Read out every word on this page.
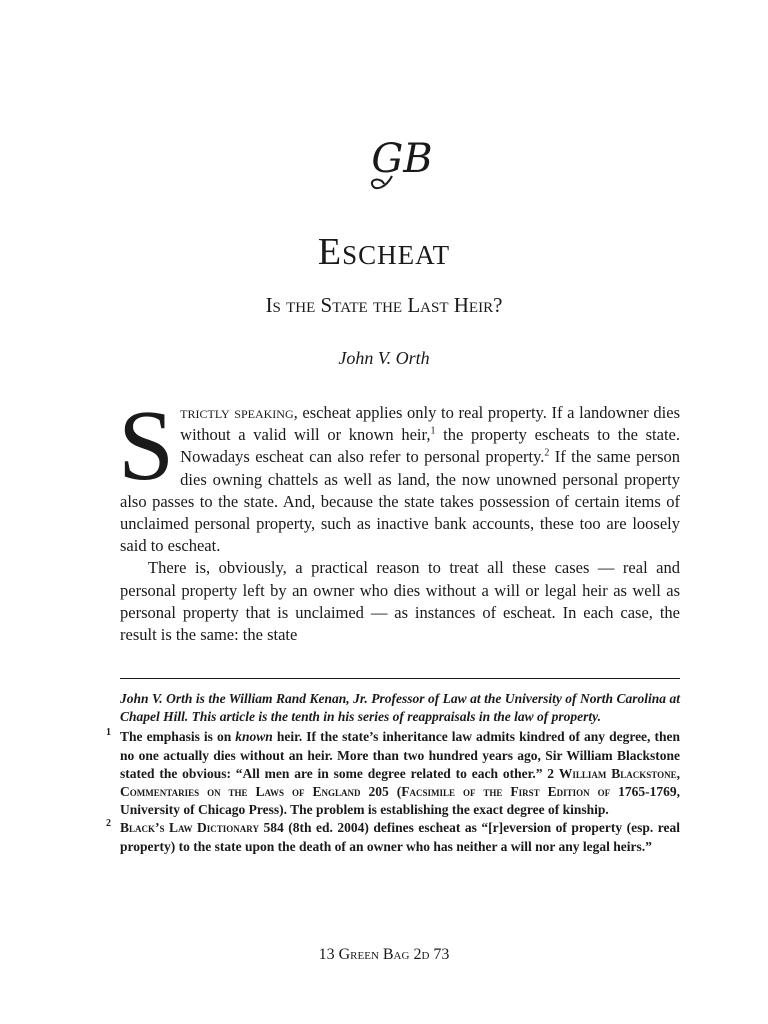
GB
Escheat
Is the State the Last Heir?
John V. Orth

Strictly speaking, escheat applies only to real property. If a landowner dies without a valid will or known heir,$^1$ the property escheats to the state. Nowadays escheat can also refer to personal property.$^2$ If the same person dies owning chattels as well as land, the now unowned personal property also passes to the state. And, because the state takes possession of certain items of unclaimed personal property, such as inactive bank accounts, these too are loosely said to escheat.

There is, obviously, a practical reason to treat all these cases — real and personal property left by an owner who dies without a will or legal heir as well as personal property that is unclaimed — as instances of escheat. In each case, the result is the same: the state

John V. Orth is the William Rand Kenan, Jr. Professor of Law at the University of North Carolina at Chapel Hill. This article is the tenth in his series of reappraisals in the law of property.

1 The emphasis is on known heir. If the state’s inheritance law admits kindred of any degree, then no one actually dies without an heir. More than two hundred years ago, Sir William Blackstone stated the obvious: “All men are in some degree related to each other.” 2 William Blackstone, Commentaries on the Laws of England 205 (Facsimile of the First Edition of 1765-1769, University of Chicago Press). The problem is establishing the exact degree of kinship.

2 Black’s Law Dictionary 584 (8th ed. 2004) defines escheat as “[r]eversion of property (esp. real property) to the state upon the death of an owner who has neither a will nor any legal heirs.”

13 Green Bag 2d 73
